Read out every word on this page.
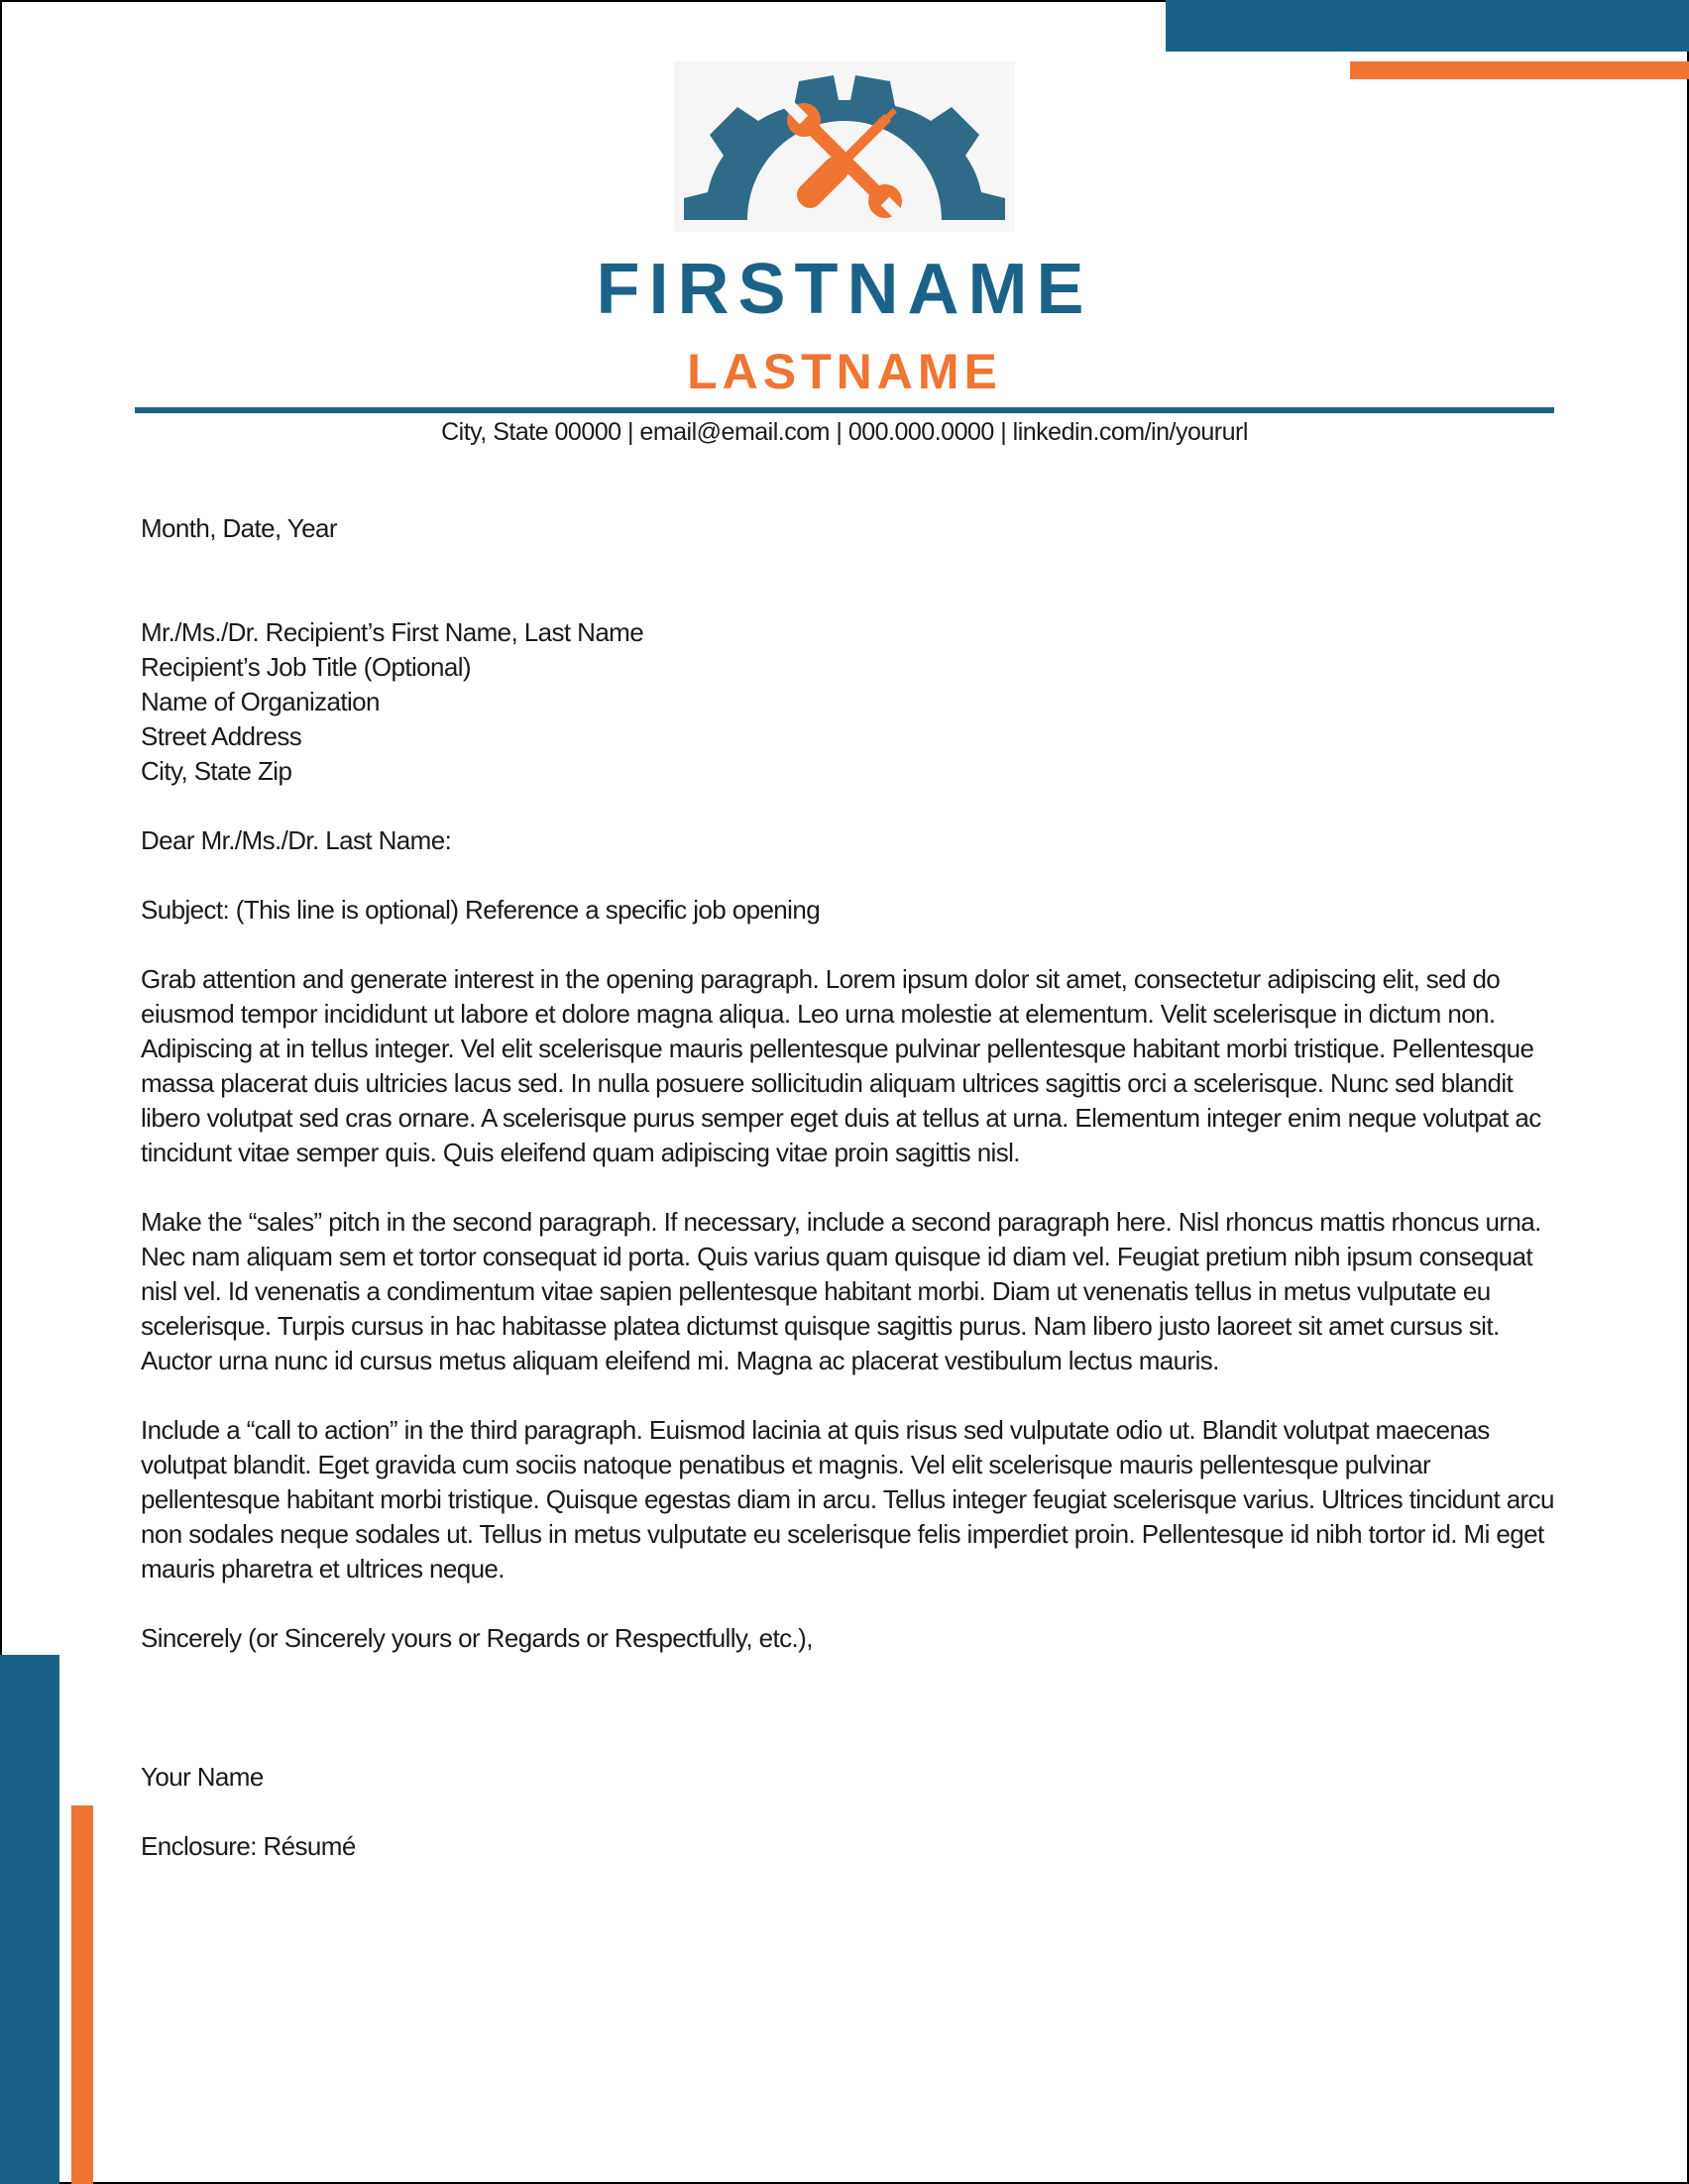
FIRSTNAME
LASTNAME
City, State 00000 | email@email.com | 000.000.0000 | linkedin.com/in/yoururl

Month, Date, Year

Mr./Ms./Dr. Recipient’s First Name, Last Name
Recipient’s Job Title (Optional)
Name of Organization
Street Address
City, State Zip

Dear Mr./Ms./Dr. Last Name:

Subject: (This line is optional) Reference a specific job opening

Grab attention and generate interest in the opening paragraph. Lorem ipsum dolor sit amet, consectetur adipiscing elit, sed do eiusmod tempor incididunt ut labore et dolore magna aliqua. Leo urna molestie at elementum. Velit scelerisque in dictum non. Adipiscing at in tellus integer. Vel elit scelerisque mauris pellentesque pulvinar pellentesque habitant morbi tristique. Pellentesque massa placerat duis ultricies lacus sed. In nulla posuere sollicitudin aliquam ultrices sagittis orci a scelerisque. Nunc sed blandit libero volutpat sed cras ornare. A scelerisque purus semper eget duis at tellus at urna. Elementum integer enim neque volutpat ac tincidunt vitae semper quis. Quis eleifend quam adipiscing vitae proin sagittis nisl.

Make the “sales” pitch in the second paragraph. If necessary, include a second paragraph here. Nisl rhoncus mattis rhoncus urna. Nec nam aliquam sem et tortor consequat id porta. Quis varius quam quisque id diam vel. Feugiat pretium nibh ipsum consequat nisl vel. Id venenatis a condimentum vitae sapien pellentesque habitant morbi. Diam ut venenatis tellus in metus vulputate eu scelerisque. Turpis cursus in hac habitasse platea dictumst quisque sagittis purus. Nam libero justo laoreet sit amet cursus sit. Auctor urna nunc id cursus metus aliquam eleifend mi. Magna ac placerat vestibulum lectus mauris.

Include a “call to action” in the third paragraph. Euismod lacinia at quis risus sed vulputate odio ut. Blandit volutpat maecenas volutpat blandit. Eget gravida cum sociis natoque penatibus et magnis. Vel elit scelerisque mauris pellentesque pulvinar pellentesque habitant morbi tristique. Quisque egestas diam in arcu. Tellus integer feugiat scelerisque varius. Ultrices tincidunt arcu non sodales neque sodales ut. Tellus in metus vulputate eu scelerisque felis imperdiet proin. Pellentesque id nibh tortor id. Mi eget mauris pharetra et ultrices neque.

Sincerely (or Sincerely yours or Regards or Respectfully, etc.),

Your Name

Enclosure: Résumé
